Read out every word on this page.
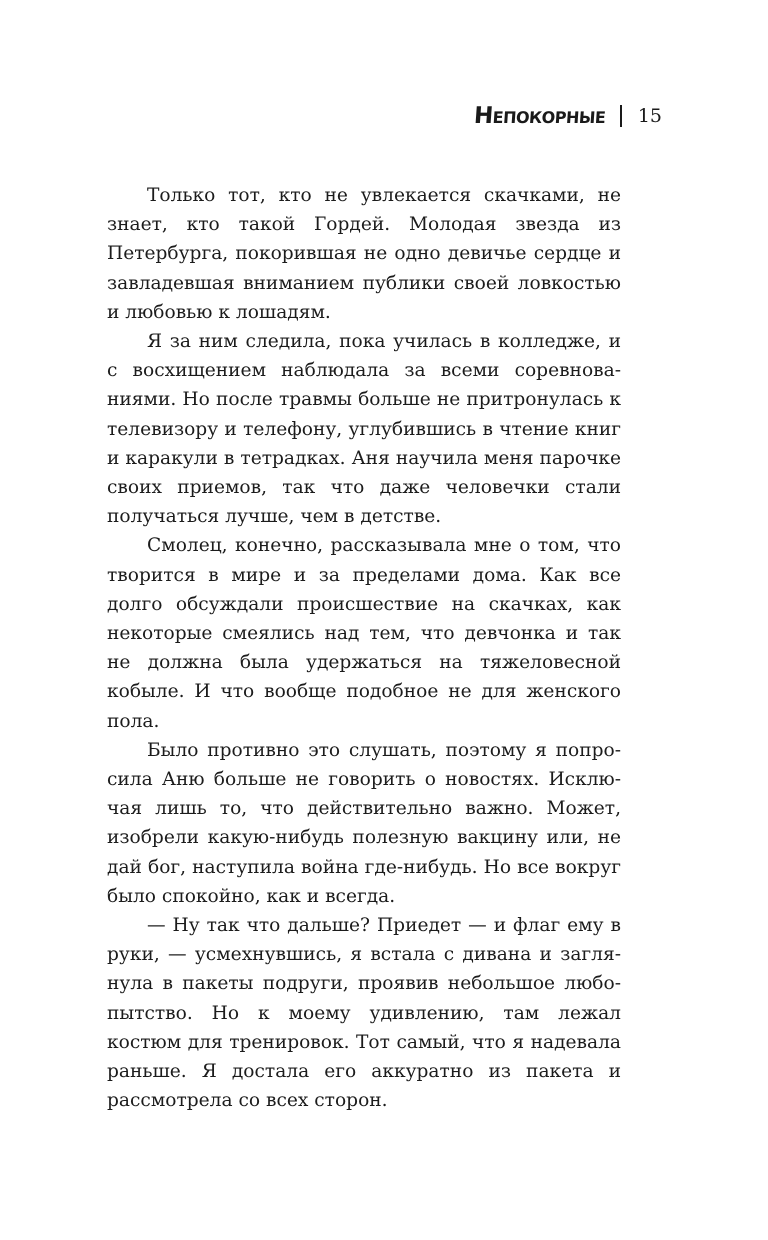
Непокорные 15

Только тот, кто не увлекается скачками, не знает, кто такой Гордей. Молодая звезда из Петербурга, покорившая не одно девичье сердце и завладевшая вниманием публики своей ловкостью и любовью к лошадям.

Я за ним следила, пока училась в колледже, и с восхищением наблюдала за всеми соревнованиями. Но после травмы больше не притронулась к телевизору и телефону, углубившись в чтение книг и каракули в тетрадках. Аня научила меня парочке своих приемов, так что даже человечки стали получаться лучше, чем в детстве.

Смолец, конечно, рассказывала мне о том, что творится в мире и за пределами дома. Как все долго обсуждали происшествие на скачках, как некоторые смеялись над тем, что девчонка и так не должна была удержаться на тяжеловесной кобыле. И что вообще подобное не для женского пола.

Было противно это слушать, поэтому я попросила Аню больше не говорить о новостях. Исключая лишь то, что действительно важно. Может, изобрели какую-нибудь полезную вакцину или, не дай бог, наступила война где-нибудь. Но все вокруг было спокойно, как и всегда.

— Ну так что дальше? Приедет — и флаг ему в руки, — усмехнувшись, я встала с дивана и заглянула в пакеты подруги, проявив небольшое любопытство. Но к моему удивлению, там лежал костюм для тренировок. Тот самый, что я надевала раньше. Я достала его аккуратно из пакета и рассмотрела со всех сторон.
